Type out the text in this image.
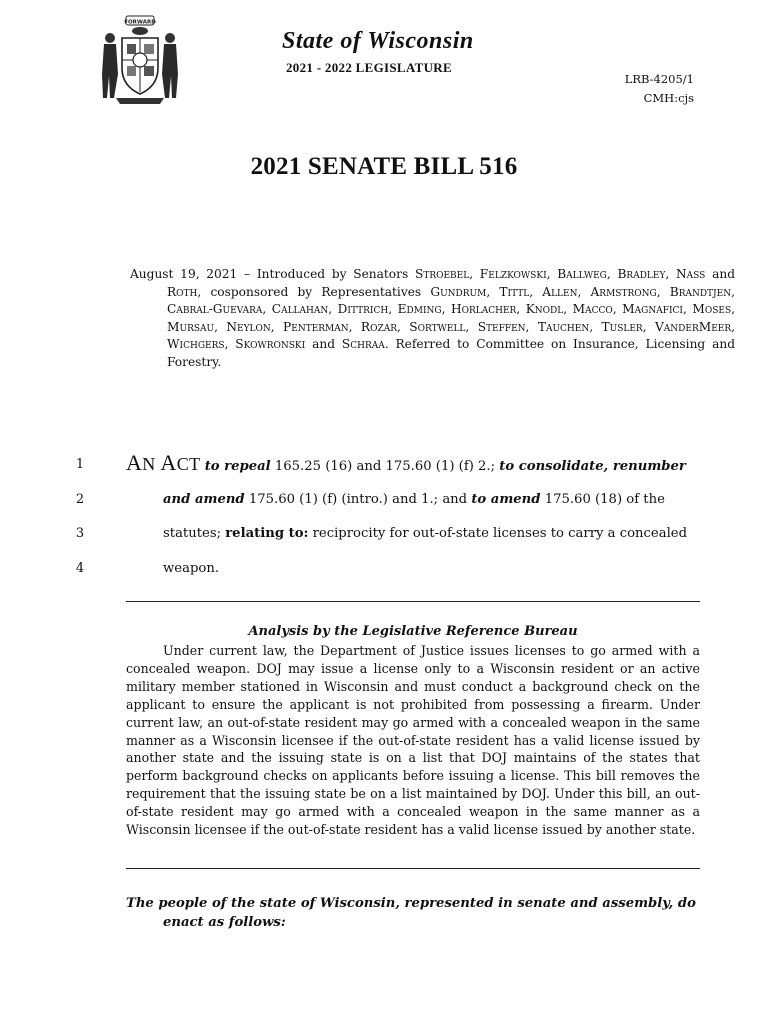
FORWARD
State of Wisconsin
2021 - 2022 LEGISLATURE
LRB-4205/1
CMH:cjs
2021 SENATE BILL 516
August 19, 2021 – Introduced by Senators Stroebel, Felzkowski, Ballweg, Bradley, Nass and Roth, cosponsored by Representatives Gundrum, Tittl, Allen, Armstrong, Brandtjen, Cabral-Guevara, Callahan, Dittrich, Edming, Horlacher, Knodl, Macco, Magnafici, Moses, Mursau, Neylon, Penterman, Rozar, Sortwell, Steffen, Tauchen, Tusler, VanderMeer, Wichgers, Skowronski and Schraa. Referred to Committee on Insurance, Licensing and Forestry.
1
2
3
4
AN ACT to repeal 165.25 (16) and 175.60 (1) (f) 2.; to consolidate, renumber
and amend 175.60 (1) (f) (intro.) and 1.; and to amend 175.60 (18) of the
statutes; relating to: reciprocity for out-of-state licenses to carry a concealed
weapon.
Analysis by the Legislative Reference Bureau
Under current law, the Department of Justice issues licenses to go armed with a concealed weapon. DOJ may issue a license only to a Wisconsin resident or an active military member stationed in Wisconsin and must conduct a background check on the applicant to ensure the applicant is not prohibited from possessing a firearm. Under current law, an out-of-state resident may go armed with a concealed weapon in the same manner as a Wisconsin licensee if the out-of-state resident has a valid license issued by another state and the issuing state is on a list that DOJ maintains of the states that perform background checks on applicants before issuing a license. This bill removes the requirement that the issuing state be on a list maintained by DOJ. Under this bill, an out-of-state resident may go armed with a concealed weapon in the same manner as a Wisconsin licensee if the out-of-state resident has a valid license issued by another state.
The people of the state of Wisconsin, represented in senate and assembly, do enact as follows:
